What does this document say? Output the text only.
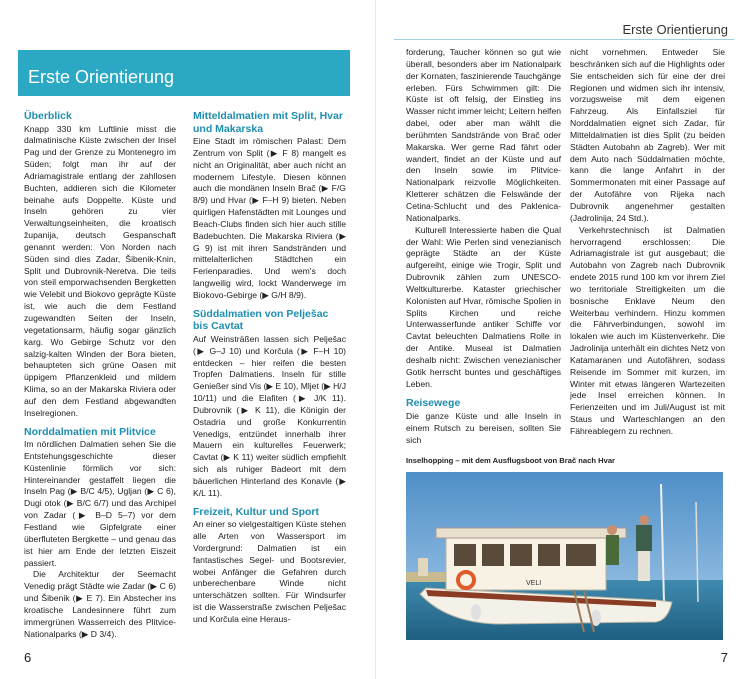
Erste Orientierung
Überblick

Knapp 330 km Luftlinie misst die dalmatinische Küste zwischen der Insel Pag und der Grenze zu Montenegro im Süden; folgt man ihr auf der Adriamagistrale entlang der zahllosen Buchten, addieren sich die Kilometer beinahe aufs Doppelte. Küste und Inseln gehören zu vier Verwaltungseinheiten, die kroatisch županija, deutsch Gespanschaft genannt werden: Von Norden nach Süden sind dies Zadar, Šibenik-Knin, Split und Dubrovnik-Neretva. Die teils von steil emporwachsenden Bergketten wie Velebit und Biokovo geprägte Küste ist, wie auch die dem Festland zugewandten Seiten der Inseln, vegetationsarm, häufig sogar gänzlich karg. Wo Gebirge Schutz vor den salzig-kalten Winden der Bora bieten, behaupteten sich grüne Oasen mit üppigem Pflanzenkleid und mildem Klima, so an der Makarska Riviera oder auf den dem Festland abgewandten Inselregionen.

Norddalmatien mit Plitvice

Im nördlichen Dalmatien sehen Sie die Entstehungsgeschichte dieser Küstenlinie förmlich vor sich: Hintereinander gestaffelt liegen die Inseln Pag (▶ B/C 4/5), Ugljan (▶ C 6), Dugi otok (▶ B/C 6/7) und das Archipel von Zadar (▶ B–D 5–7) vor dem Festland wie Gipfelgrate einer überfluteten Bergkette – und genau das ist hier am Ende der letzten Eiszeit passiert.

Die Architektur der Seemacht Venedig prägt Städte wie Zadar (▶ C 6) und Šibenik (▶ E 7). Ein Abstecher ins kroatische Landesinnere führt zum immergrünen Wasserreich des Plitvice-Nationalparks (▶ D 3/4).

Mitteldalmatien mit Split, Hvar und Makarska

Eine Stadt im römischen Palast: Dem Zentrum von Split (▶ F 8) mangelt es nicht an Originalität, aber auch nicht an modernem Lifestyle. Diesen können auch die mondänen Inseln Brač (▶ F/G 8/9) und Hvar (▶ F–H 9) bieten. Neben quirligen Hafenstädten mit Lounges und Beach-Clubs finden sich hier auch stille Badebuchten. Die Makarska Riviera (▶ G 9) ist mit ihren Sandstränden und mittelalterlichen Städtchen ein Ferienparadies. Und wem's doch langweilig wird, lockt Wanderwege im Biokovo-Gebirge (▶ G/H 8/9).

Süddalmatien von Pelješac bis Cavtat

Auf Weinsträßen lassen sich Pelješac (▶ G–J 10) und Korčula (▶ F–H 10) entdecken – hier reifen die besten Tropfen Dalmatiens. Inseln für stille Genießer sind Vis (▶ E 10), Mljet (▶ H/J 10/11) und die Elafiten (▶ J/K 11). Dubrovnik (▶ K 11), die Königin der Ostadria und große Konkurrentin Venedigs, entzündet innerhalb ihrer Mauern ein kulturelles Feuerwerk; Cavtat (▶ K 11) weiter südlich empfiehlt sich als ruhiger Badeort mit dem bäuerlichen Hinterland des Konavle (▶ K/L 11).

Freizeit, Kultur und Sport

An einer so vielgestaltigen Küste stehen alle Arten von Wassersport im Vordergrund: Dalmatien ist ein fantastisches Segel- und Bootsrevier, wobei Anfänger die Gefahren durch unberechenbare Winde nicht unterschätzen sollten. Für Windsurfer ist die Wasserstraße zwischen Pelješac und Korčula eine Heraus-

6
Erste Orientierung

forderung, Taucher können so gut wie überall, besonders aber im Nationalpark der Kornaten, faszinierende Tauchgänge erleben. Fürs Schwimmen gilt: Die Küste ist oft felsig, der Einstieg ins Wasser nicht immer leicht; Leitern helfen dabei, oder aber man wählt die berühmten Sandstrände von Brač oder Makarska. Wer gerne Rad fährt oder wandert, findet an der Küste und auf den Inseln sowie im Plitvice-Nationalpark reizvolle Möglichkeiten. Kletterer schätzen die Felswände der Cetina-Schlucht und des Paklenica-Nationalparks.

Kulturell Interessierte haben die Qual der Wahl: Wie Perlen sind venezianisch geprägte Städte an der Küste aufgereiht, einige wie Trogir, Split und Dubrovnik zählen zum UNESCO-Weltkulturerbe. Kataster griechischer Kolonisten auf Hvar, römische Spolien in Splits Kirchen und reiche Unterwasserfunde antiker Schiffe vor Cavtat beleuchten Dalmatiens Rolle in der Antike. Museal ist Dalmatien deshalb nicht: Zwischen venezianischer Gotik herrscht buntes und geschäftiges Leben.

Reisewege

Die ganze Küste und alle Inseln in einem Rutsch zu bereisen, sollten Sie sich

nicht vornehmen. Entweder Sie beschränken sich auf die Highlights oder Sie entscheiden sich für eine der drei Regionen und widmen sich ihr intensiv, vorzugsweise mit dem eigenen Fahrzeug. Als Einfallsziel für Norddalmatien eignet sich Zadar, für Mitteldalmatien ist dies Split (zu beiden Städten Autobahn ab Zagreb). Wer mit dem Auto nach Süddalmatien möchte, kann die lange Anfahrt in der Sommermonaten mit einer Passage auf der Autofähre von Rijeka nach Dubrovnik angenehmer gestalten (Jadrolinija, 24 Std.).

Verkehrstechnisch ist Dalmatien hervorragend erschlossen: Die Adriamagistrale ist gut ausgebaut; die Autobahn von Zagreb nach Dubrovnik endete 2015 rund 100 km vor ihrem Ziel wo territoriale Streitigkeiten um die bosnische Enklave Neum den Weiterbau verhindern. Hinzu kommen die Fährverbindungen, sowohl im lokalen wie auch im Küstenverkehr. Die Jadrolinija unterhält ein dichtes Netz von Katamaranen und Autofähren, sodass Reisende im Sommer mit kurzen, im Winter mit etwas längeren Wartezeiten jede Insel erreichen können. In Ferienzeiten und im Juli/August ist mit Staus und Warteschlangen an den Fähreablegern zu rechnen.

Inselhopping – mit dem Ausflugsboot von Brač nach Hvar
VELI
7
